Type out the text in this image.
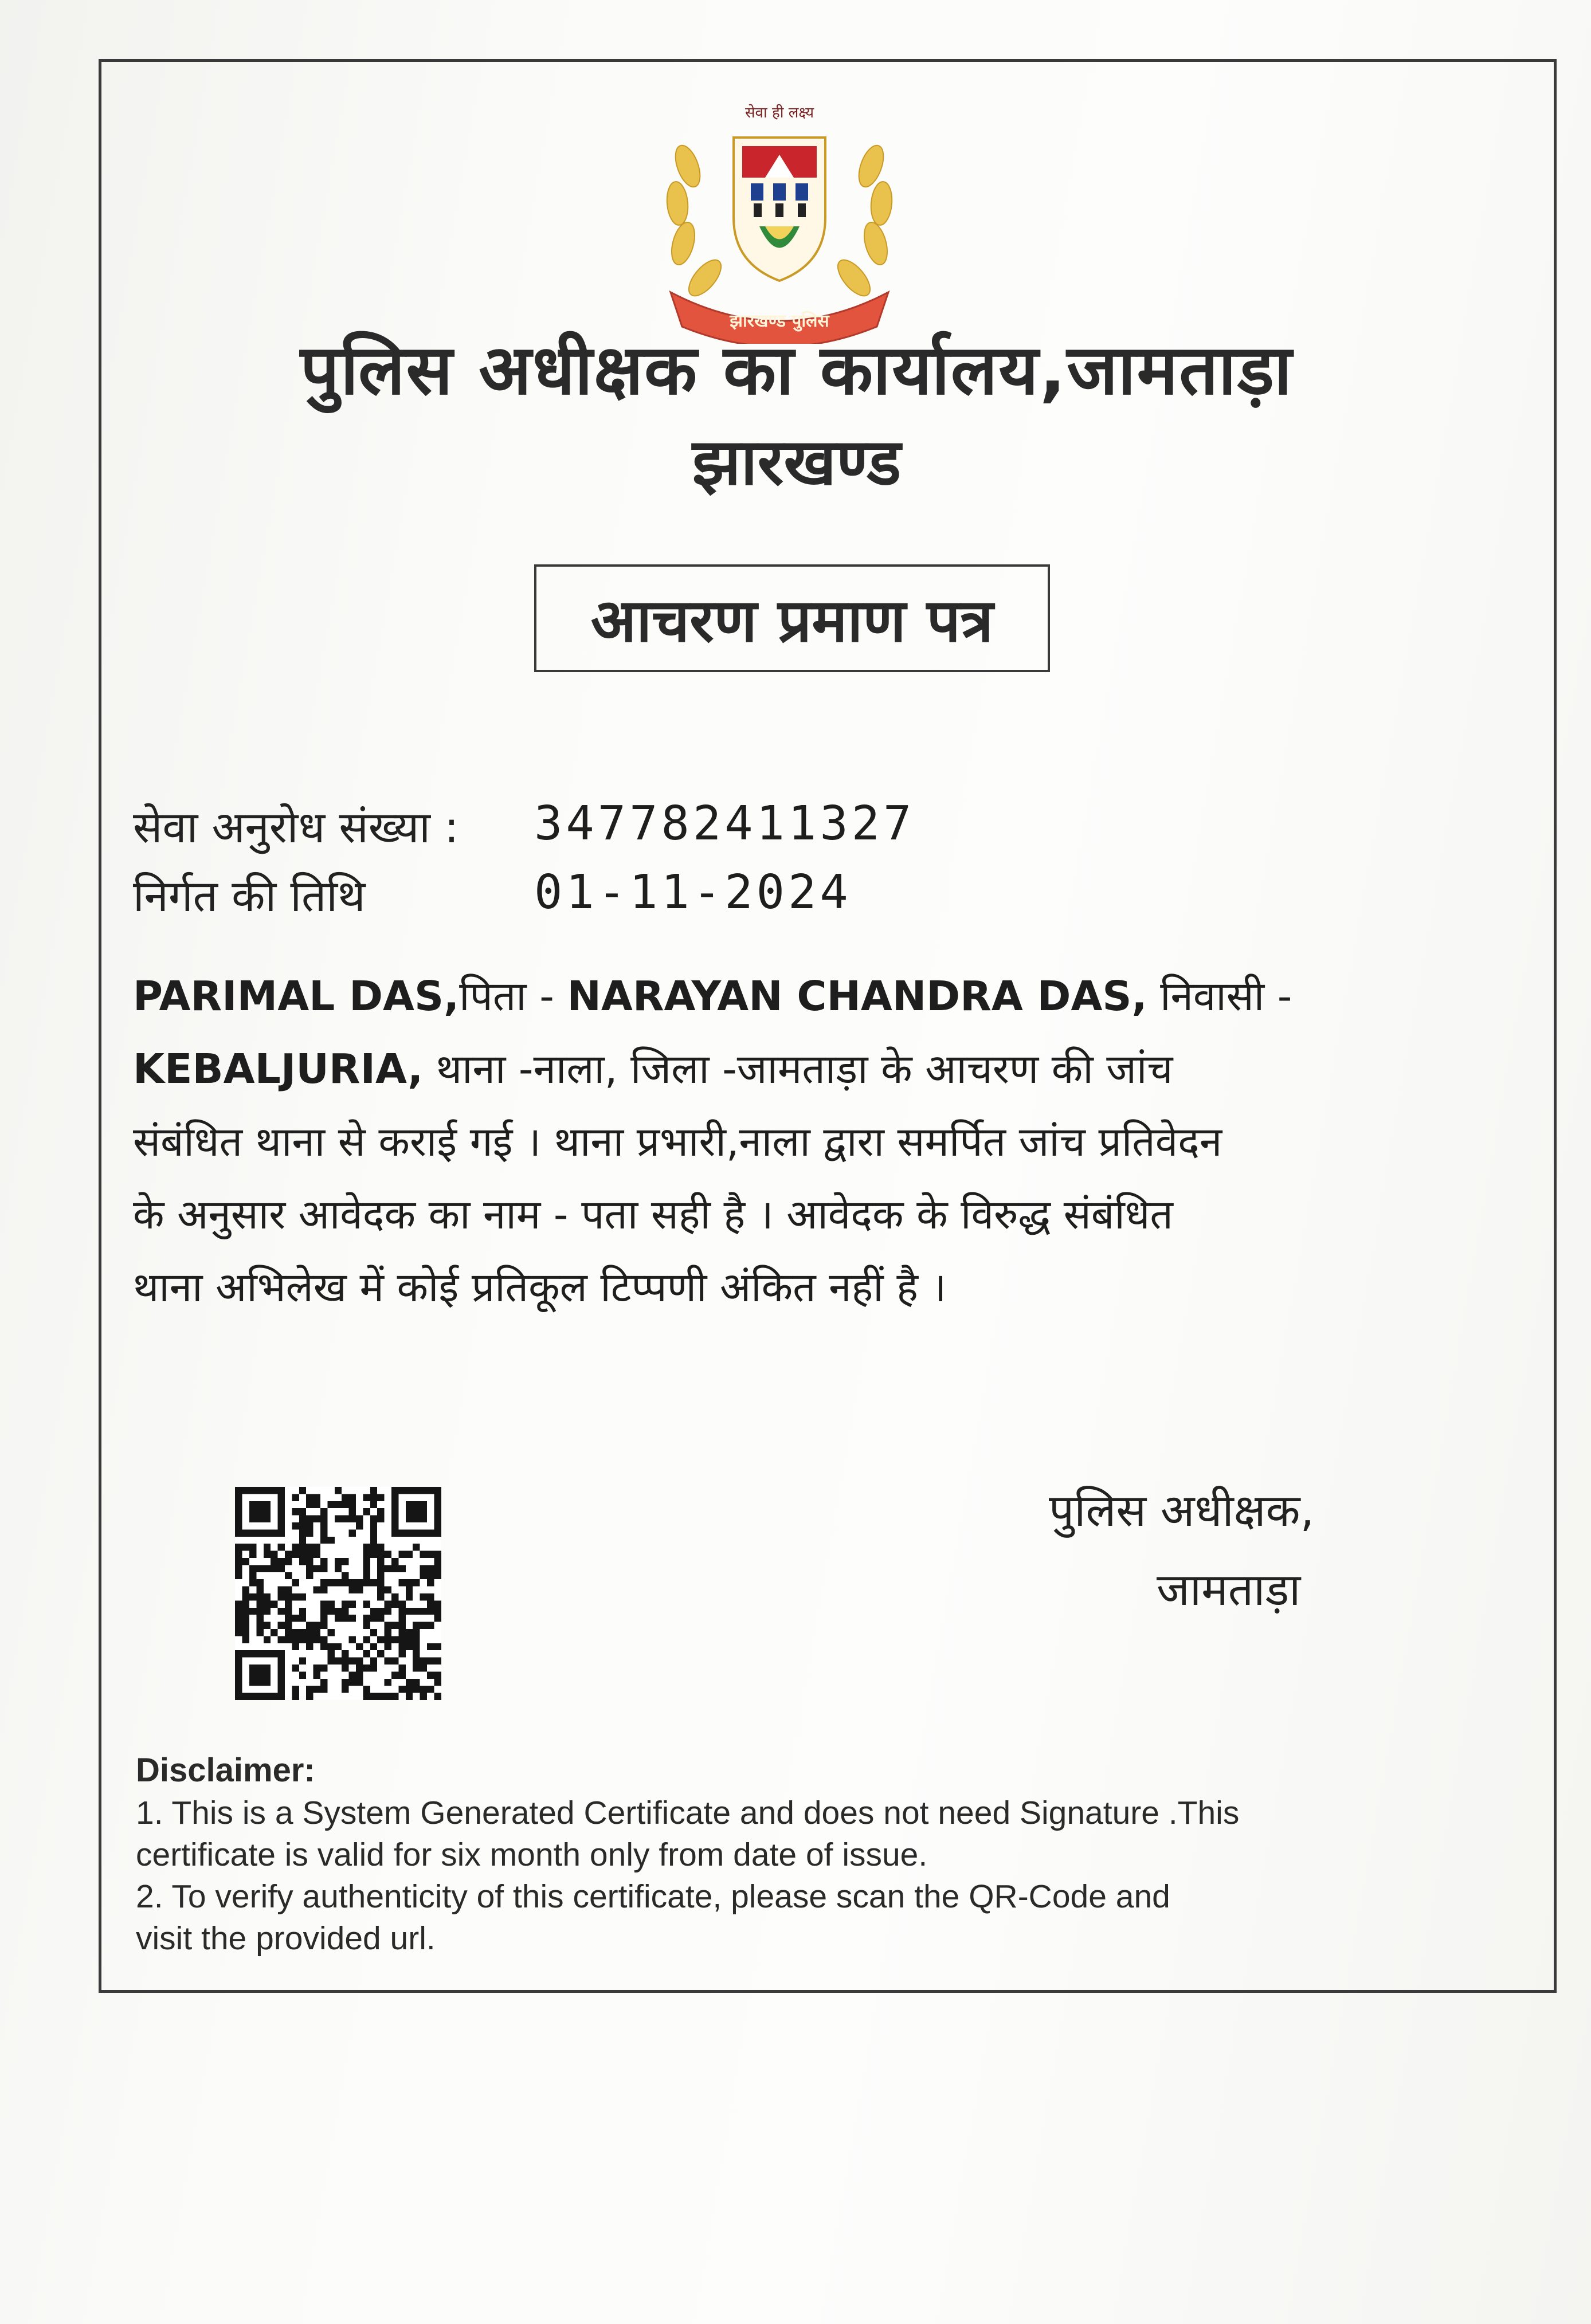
सेवा ही लक्ष्य
झारखण्ड पुलिस
पुलिस अधीक्षक का कार्यालय,जामताड़ा
झारखण्ड
आचरण प्रमाण पत्र
सेवा अनुरोध संख्या : 347782411327
निर्गत की तिथि	01-11-2024
PARIMAL DAS,पिता - NARAYAN CHANDRA DAS, निवासी -
KEBALJURIA, थाना -नाला, जिला -जामताड़ा के आचरण की जांच
संबंधित थाना से कराई गई । थाना प्रभारी,नाला द्वारा समर्पित जांच प्रतिवेदन
के अनुसार आवेदक का नाम - पता सही है । आवेदक के विरुद्ध संबंधित
थाना अभिलेख में कोई प्रतिकूल टिप्पणी अंकित नहीं है ।
पुलिस अधीक्षक,
जामताड़ा
Disclaimer:
1. This is a System Generated Certificate and does not need Signature .This
certificate is valid for six month only from date of issue.
2. To verify authenticity of this certificate, please scan the QR-Code and
visit the provided url.
